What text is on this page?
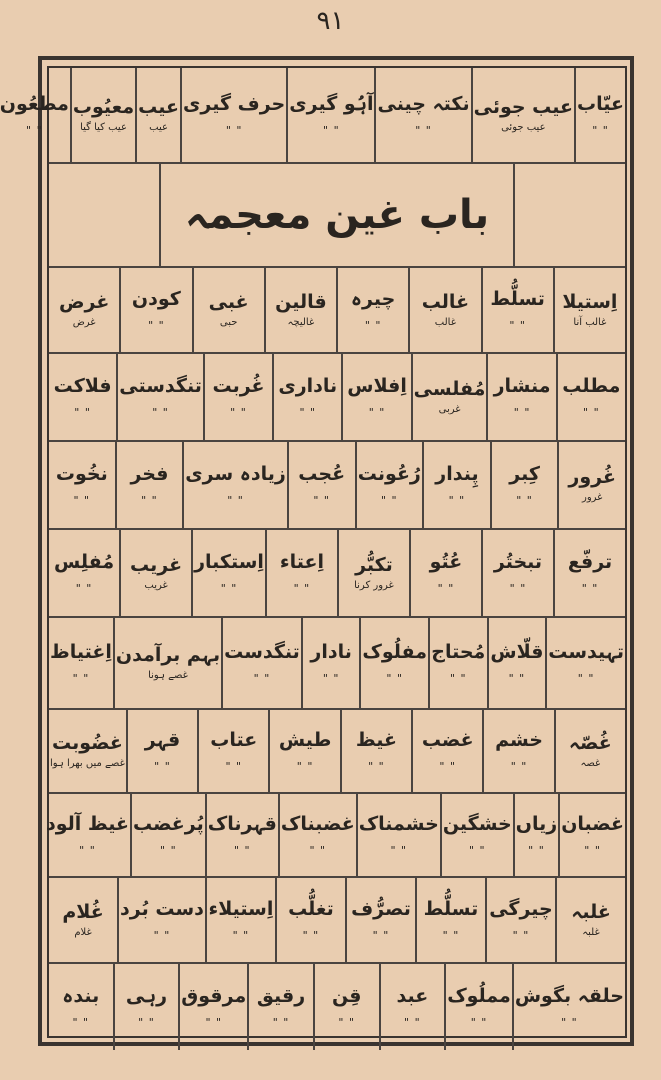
۹۱
عیّاب
" "
عیب جوئی
عیب جوئی
نکتہ چینی
" "
آہُو گیری
" "
حرف گیری
" "
عیب
عیب
معیُوب
عیب کیا گیا
مطعُون
" "
باب غین معجمہ
اِستیلا
غالب آنا
تسلُّط
" "
غالب
غالب
چیرہ
" "
قالین
غالیچہ
غبی
حبی
کودن
" "
غرض
غرض
مطلب
" "
منشار
" "
مُفلسی
غربی
اِفلاس
" "
ناداری
" "
غُربت
" "
تنگدستی
" "
فلاکت
" "
غُرور
غرور
کِبر
" "
پِندار
" "
رُعُونت
" "
عُجب
" "
زیادہ سری
" "
فخر
" "
نخُوت
" "
ترفّع
" "
تبختُر
" "
عُتُو
" "
تکبُّر
غرور کرنا
اِعتاء
" "
اِستکبار
" "
غریب
غریب
مُفلِس
" "
تہیدست
" "
قلّاش
" "
مُحتاج
" "
مفلُوک
" "
نادار
" "
تنگدست
" "
بہم برآمدن
غصے ہونا
اِغتیاظ
" "
غُصّہ
غصہ
خشم
" "
غضب
" "
غیظ
" "
طیش
" "
عتاب
" "
قہر
" "
غضُوبت
غصے میں بھرا ہوا
غضبان
" "
زیاں
" "
خشگین
" "
خشمناک
" "
غضبناک
" "
قہرناک
" "
پُرغضب
" "
غیظ آلود
" "
غلبہ
غلبہ
چیرگی
" "
تسلُّط
" "
تصرُّف
" "
تغلُّب
" "
اِستیلاء
" "
دست بُرد
" "
غُلام
غلام
حلقہ بگوش
" "
مملُوک
" "
عبد
" "
قِن
" "
رقیق
" "
مرقوق
" "
رہی
" "
بندہ
" "
